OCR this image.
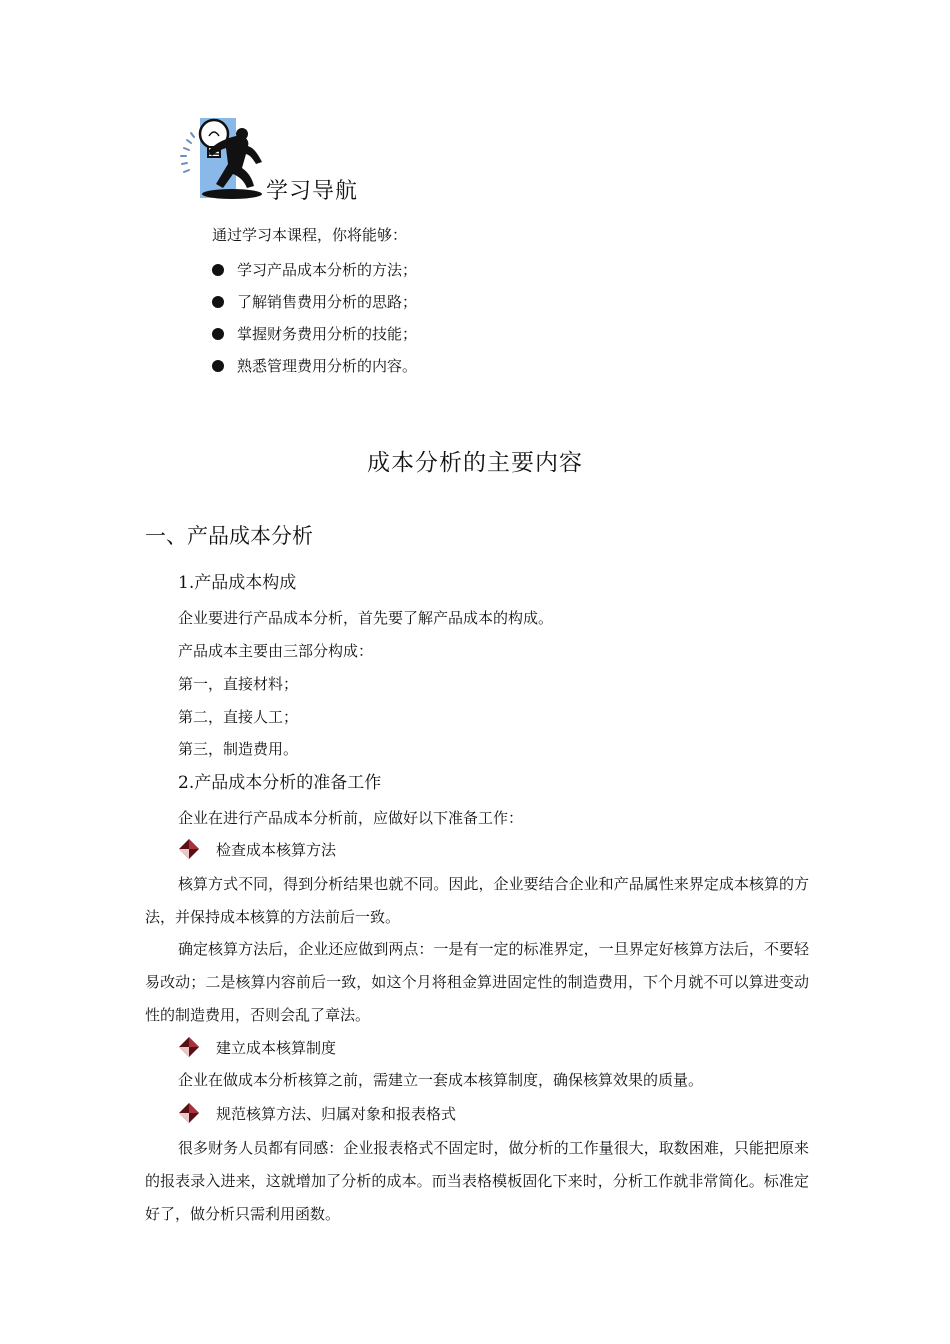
学习导航
通过学习本课程，你将能够：
学习产品成本分析的方法；
了解销售费用分析的思路；
掌握财务费用分析的技能；
熟悉管理费用分析的内容。
成本分析的主要内容
一、产品成本分析
1.产品成本构成
企业要进行产品成本分析，首先要了解产品成本的构成。
产品成本主要由三部分构成：
第一，直接材料；
第二，直接人工；
第三，制造费用。
2.产品成本分析的准备工作
企业在进行产品成本分析前，应做好以下准备工作：
检查成本核算方法

核算方式不同，得到分析结果也就不同。因此，企业要结合企业和产品属性来界定成本核算的方法，并保持成本核算的方法前后一致。

确定核算方法后，企业还应做到两点：一是有一定的标准界定，一旦界定好核算方法后，不要轻易改动；二是核算内容前后一致，如这个月将租金算进固定性的制造费用，下个月就不可以算进变动性的制造费用，否则会乱了章法。

建立成本核算制度

企业在做成本分析核算之前，需建立一套成本核算制度，确保核算效果的质量。

规范核算方法、归属对象和报表格式

很多财务人员都有同感：企业报表格式不固定时，做分析的工作量很大，取数困难，只能把原来的报表录入进来，这就增加了分析的成本。而当表格模板固化下来时，分析工作就非常简化。标准定好了，做分析只需利用函数。
